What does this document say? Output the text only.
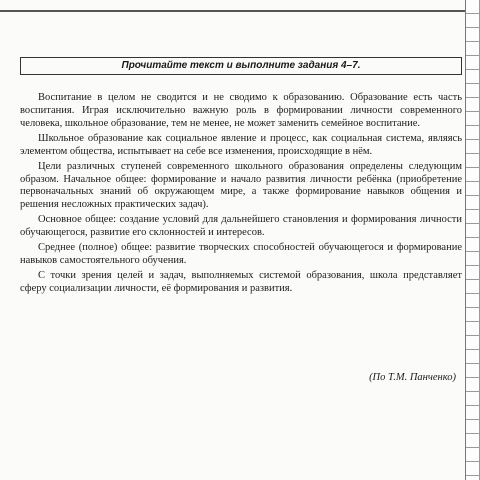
Прочитайте текст и выполните задания 4–7.

Воспитание в целом не сводится и не сводимо к образованию. Образование есть часть воспитания. Играя исключительно важную роль в формировании личности современного человека, школьное образование, тем не менее, не может заменить семейное воспитание.

Школьное образование как социальное явление и процесс, как социальная система, являясь элементом общества, испытывает на себе все изменения, происходящие в нём.

Цели различных ступеней современного школьного образования определены следующим образом. Начальное общее: формирование и начало развития личности ребёнка (приобретение первоначальных знаний об окружающем мире, а также формирование навыков общения и решения несложных практических задач).

Основное общее: создание условий для дальнейшего становления и формирования личности обучающегося, развитие его склонностей и интересов.

Среднее (полное) общее: развитие творческих способностей обучающегося и формирование навыков самостоятельного обучения.

С точки зрения целей и задач, выполняемых системой образования, школа представляет сферу социализации личности, её формирования и развития.

(По Т.М. Панченко)
